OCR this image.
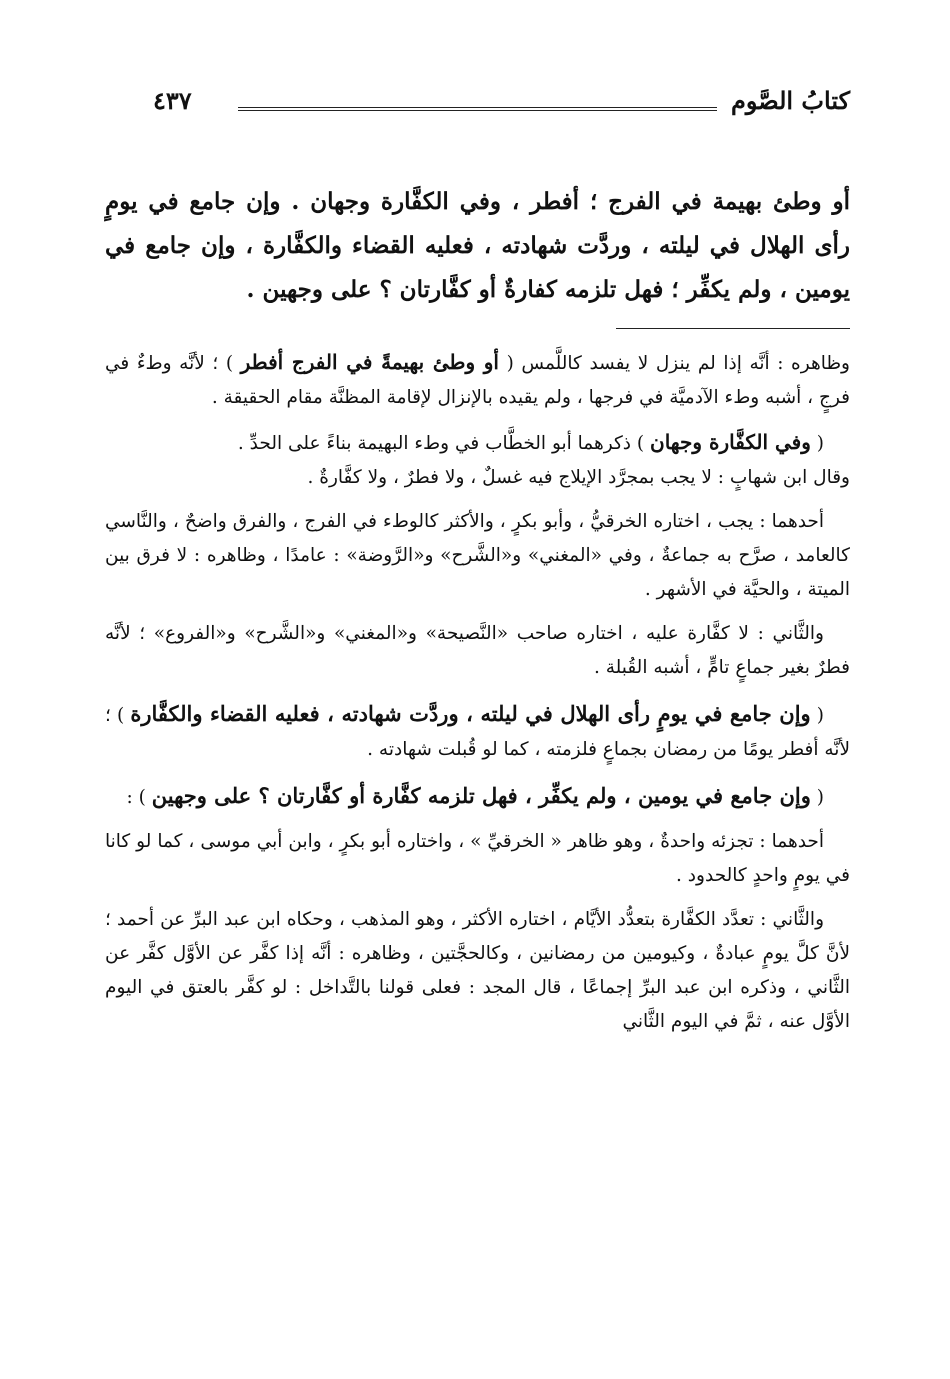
كتابُ الصَّوم
٤٣٧

أو وطئ بهيمة في الفرج ؛ أفطر ، وفي الكفَّارة وجهان . وإن جامع في يومٍ رأى الهلال في ليلته ، وردَّت شهادته ، فعليه القضاء والكفَّارة ، وإن جامع في يومين ، ولم يكفِّر ؛ فهل تلزمه كفارةٌ أو كفَّارتان ؟ على وجهين .

وظاهره : أنَّه إذا لم ينزل لا يفسد كاللَّمس ( أو وطئ بهيمةً في الفرج أفطر ) ؛ لأنَّه وطءٌ في فرجٍ ، أشبه وطء الآدميَّة في فرجها ، ولم يقيده بالإنزال لإقامة المظنَّة مقام الحقيقة .

( وفي الكفَّارة وجهان ) ذكرهما أبو الخطَّاب في وطء البهيمة بناءً على الحدِّ .

وقال ابن شهابٍ : لا يجب بمجرَّد الإيلاج فيه غسلٌ ، ولا فطرٌ ، ولا كفَّارةٌ .

أحدهما : يجب ، اختاره الخرقيُّ ، وأبو بكرٍ ، والأكثر كالوطء في الفرج ، والفرق واضحٌ ، والنَّاسي كالعامد ، صرَّح به جماعةٌ ، وفي «المغني» و«الشَّرح» و«الرَّوضة» : عامدًا ، وظاهره : لا فرق بين الميتة ، والحيَّة في الأشهر .

والثَّاني : لا كفَّارة عليه ، اختاره صاحب «النَّصيحة» و«المغني» و«الشَّرح» و«الفروع» ؛ لأنَّه فطرٌ بغير جماعٍ تامٍّ ، أشبه القُبلة .

( وإن جامع في يومٍ رأى الهلال في ليلته ، وردَّت شهادته ، فعليه القضاء والكفَّارة ) ؛ لأنَّه أفطر يومًا من رمضان بجماعٍ فلزمته ، كما لو قُبلت شهادته .

( وإن جامع في يومين ، ولم يكفِّر ، فهل تلزمه كفَّارة أو كفَّارتان ؟ على وجهين ) :

أحدهما : تجزئه واحدةٌ ، وهو ظاهر « الخرقيِّ » ، واختاره أبو بكرٍ ، وابن أبي موسى ، كما لو كانا في يومٍ واحدٍ كالحدود .

والثَّاني : تعدَّد الكفَّارة بتعدُّد الأيَّام ، اختاره الأكثر ، وهو المذهب ، وحكاه ابن عبد البرِّ عن أحمد ؛ لأنَّ كلَّ يومٍ عبادةٌ ، وكيومين من رمضانين ، وكالحجَّتين ، وظاهره : أنَّه إذا كفَّر عن الأوَّل كفَّر عن الثَّاني ، وذكره ابن عبد البرِّ إجماعًا ، قال المجد : فعلى قولنا بالتَّداخل : لو كفَّر بالعتق في اليوم الأوَّل عنه ، ثمَّ في اليوم الثَّاني
